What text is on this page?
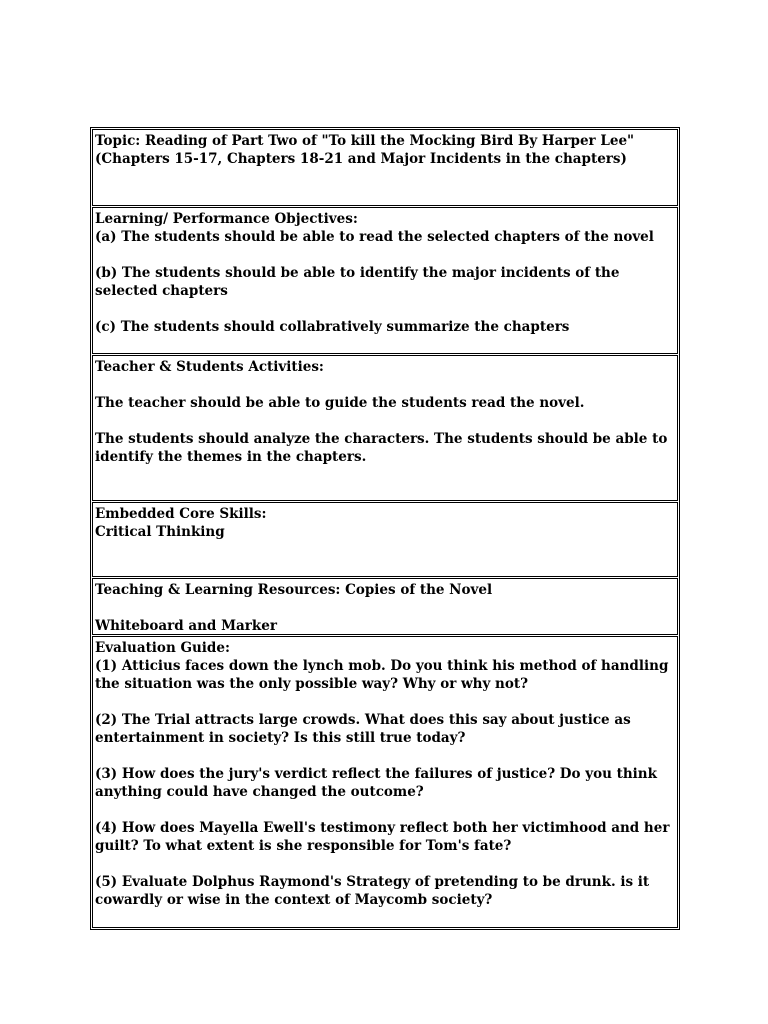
Topic: Reading of Part Two of "To kill the Mocking Bird By Harper Lee" (Chapters 15-17, Chapters 18-21 and Major Incidents in the chapters)
Learning/ Performance Objectives:
(a) The students should be able to read the selected chapters of the novel
(b) The students should be able to identify the major incidents of the selected chapters
(c) The students should collabratively summarize the chapters
Teacher & Students Activities:
The teacher should be able to guide the students read the novel.
The students should analyze the characters. The students should be able to identify the themes in the chapters.
Embedded Core Skills:
Critical Thinking
Teaching & Learning Resources: Copies of the Novel
Whiteboard and Marker
Evaluation Guide:
(1) Atticius faces down the lynch mob. Do you think his method of handling the situation was the only possible way? Why or why not?
(2) The Trial attracts large crowds. What does this say about justice as entertainment in society? Is this still true today?
(3) How does the jury's verdict reflect the failures of justice? Do you think anything could have changed the outcome?
(4) How does Mayella Ewell's testimony reflect both her victimhood and her guilt? To what extent is she responsible for Tom's fate?
(5) Evaluate Dolphus Raymond's Strategy of pretending to be drunk. is it cowardly or wise in the context of Maycomb society?
